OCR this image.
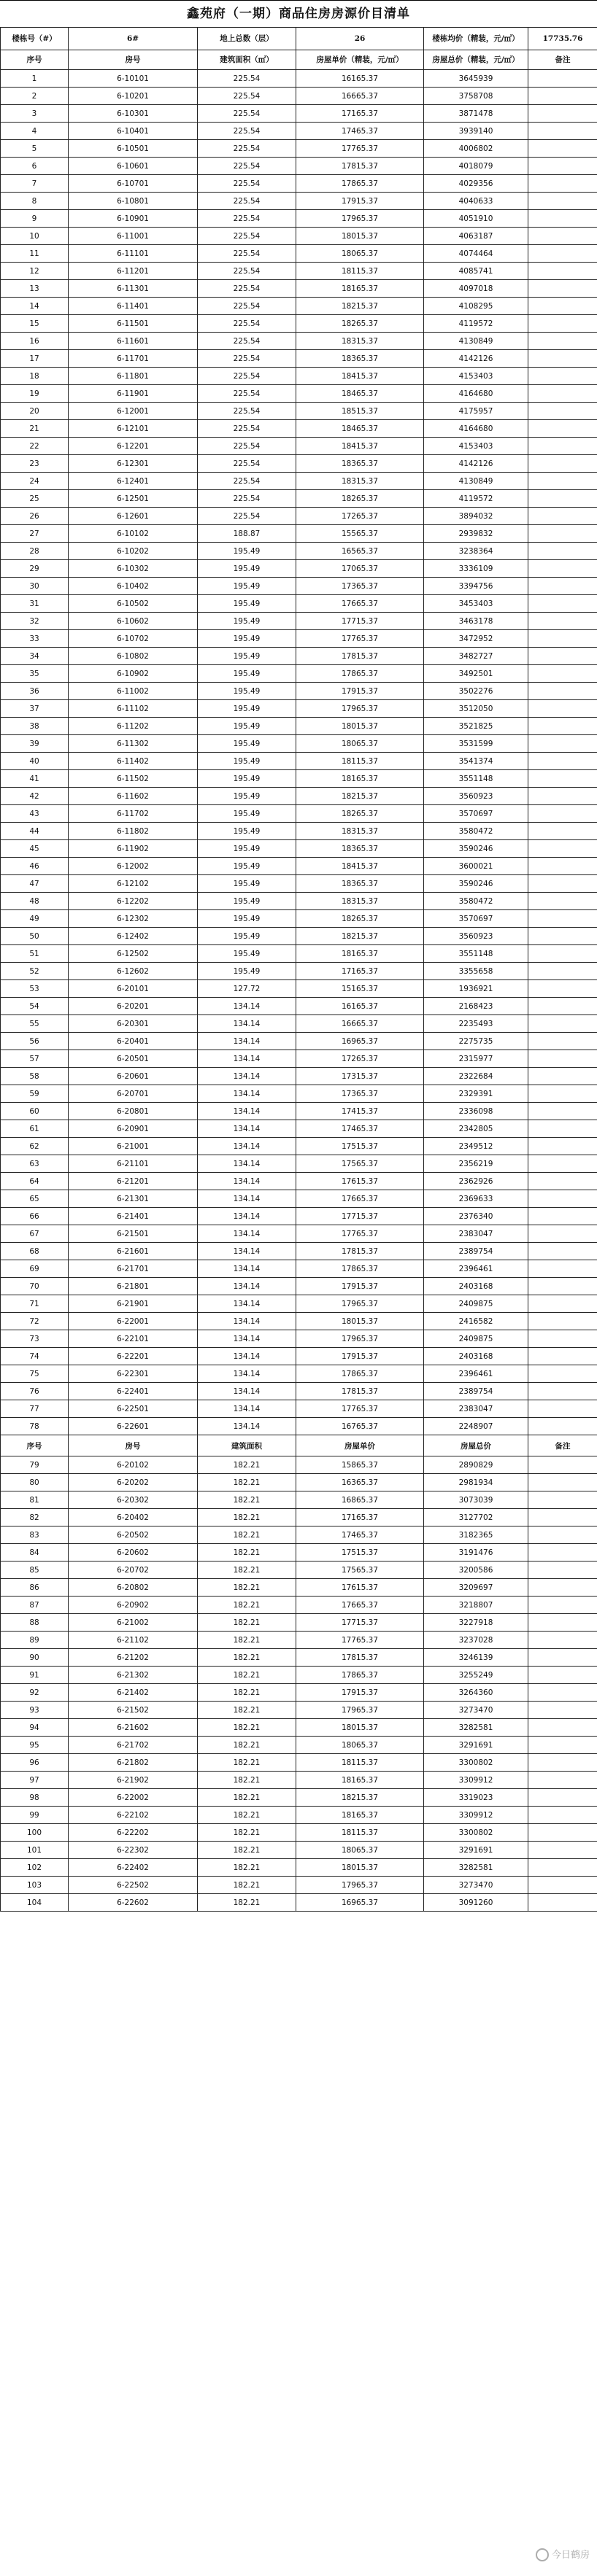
鑫苑府（一期）商品住房房源价目清单
楼栋号（#）	6#	地上总数（层）	26	楼栋均价（精装，元/㎡）	17735.76
序号	房号	建筑面积（㎡）	房屋单价（精装，元/㎡）	房屋总价（精装，元/㎡）	备注
1	6-10101	225.54	16165.37	3645939	
2	6-10201	225.54	16665.37	3758708	
3	6-10301	225.54	17165.37	3871478	
4	6-10401	225.54	17465.37	3939140	
5	6-10501	225.54	17765.37	4006802	
6	6-10601	225.54	17815.37	4018079	
7	6-10701	225.54	17865.37	4029356	
8	6-10801	225.54	17915.37	4040633	
9	6-10901	225.54	17965.37	4051910	
10	6-11001	225.54	18015.37	4063187	
11	6-11101	225.54	18065.37	4074464	
12	6-11201	225.54	18115.37	4085741	
13	6-11301	225.54	18165.37	4097018	
14	6-11401	225.54	18215.37	4108295	
15	6-11501	225.54	18265.37	4119572	
16	6-11601	225.54	18315.37	4130849	
17	6-11701	225.54	18365.37	4142126	
18	6-11801	225.54	18415.37	4153403	
19	6-11901	225.54	18465.37	4164680	
20	6-12001	225.54	18515.37	4175957	
21	6-12101	225.54	18465.37	4164680	
22	6-12201	225.54	18415.37	4153403	
23	6-12301	225.54	18365.37	4142126	
24	6-12401	225.54	18315.37	4130849	
25	6-12501	225.54	18265.37	4119572	
26	6-12601	225.54	17265.37	3894032	
27	6-10102	188.87	15565.37	2939832	
28	6-10202	195.49	16565.37	3238364	
29	6-10302	195.49	17065.37	3336109	
30	6-10402	195.49	17365.37	3394756	
31	6-10502	195.49	17665.37	3453403	
32	6-10602	195.49	17715.37	3463178	
33	6-10702	195.49	17765.37	3472952	
34	6-10802	195.49	17815.37	3482727	
35	6-10902	195.49	17865.37	3492501	
36	6-11002	195.49	17915.37	3502276	
37	6-11102	195.49	17965.37	3512050	
38	6-11202	195.49	18015.37	3521825	
39	6-11302	195.49	18065.37	3531599	
40	6-11402	195.49	18115.37	3541374	
41	6-11502	195.49	18165.37	3551148	
42	6-11602	195.49	18215.37	3560923	
43	6-11702	195.49	18265.37	3570697	
44	6-11802	195.49	18315.37	3580472	
45	6-11902	195.49	18365.37	3590246	
46	6-12002	195.49	18415.37	3600021	
47	6-12102	195.49	18365.37	3590246	
48	6-12202	195.49	18315.37	3580472	
49	6-12302	195.49	18265.37	3570697	
50	6-12402	195.49	18215.37	3560923	
51	6-12502	195.49	18165.37	3551148	
52	6-12602	195.49	17165.37	3355658	
53	6-20101	127.72	15165.37	1936921	
54	6-20201	134.14	16165.37	2168423	
55	6-20301	134.14	16665.37	2235493	
56	6-20401	134.14	16965.37	2275735	
57	6-20501	134.14	17265.37	2315977	
58	6-20601	134.14	17315.37	2322684	
59	6-20701	134.14	17365.37	2329391	
60	6-20801	134.14	17415.37	2336098	
61	6-20901	134.14	17465.37	2342805	
62	6-21001	134.14	17515.37	2349512	
63	6-21101	134.14	17565.37	2356219	
64	6-21201	134.14	17615.37	2362926	
65	6-21301	134.14	17665.37	2369633	
66	6-21401	134.14	17715.37	2376340	
67	6-21501	134.14	17765.37	2383047	
68	6-21601	134.14	17815.37	2389754	
69	6-21701	134.14	17865.37	2396461	
70	6-21801	134.14	17915.37	2403168	
71	6-21901	134.14	17965.37	2409875	
72	6-22001	134.14	18015.37	2416582	
73	6-22101	134.14	17965.37	2409875	
74	6-22201	134.14	17915.37	2403168	
75	6-22301	134.14	17865.37	2396461	
76	6-22401	134.14	17815.37	2389754	
77	6-22501	134.14	17765.37	2383047	
78	6-22601	134.14	16765.37	2248907	
序号	房号	建筑面积	房屋单价	房屋总价	备注
79	6-20102	182.21	15865.37	2890829	
80	6-20202	182.21	16365.37	2981934	
81	6-20302	182.21	16865.37	3073039	
82	6-20402	182.21	17165.37	3127702	
83	6-20502	182.21	17465.37	3182365	
84	6-20602	182.21	17515.37	3191476	
85	6-20702	182.21	17565.37	3200586	
86	6-20802	182.21	17615.37	3209697	
87	6-20902	182.21	17665.37	3218807	
88	6-21002	182.21	17715.37	3227918	
89	6-21102	182.21	17765.37	3237028	
90	6-21202	182.21	17815.37	3246139	
91	6-21302	182.21	17865.37	3255249	
92	6-21402	182.21	17915.37	3264360	
93	6-21502	182.21	17965.37	3273470	
94	6-21602	182.21	18015.37	3282581	
95	6-21702	182.21	18065.37	3291691	
96	6-21802	182.21	18115.37	3300802	
97	6-21902	182.21	18165.37	3309912	
98	6-22002	182.21	18215.37	3319023	
99	6-22102	182.21	18165.37	3309912	
100	6-22202	182.21	18115.37	3300802	
101	6-22302	182.21	18065.37	3291691	
102	6-22402	182.21	18015.37	3282581	
103	6-22502	182.21	17965.37	3273470	
104	6-22602	182.21	16965.37	3091260	
今日鹤房
